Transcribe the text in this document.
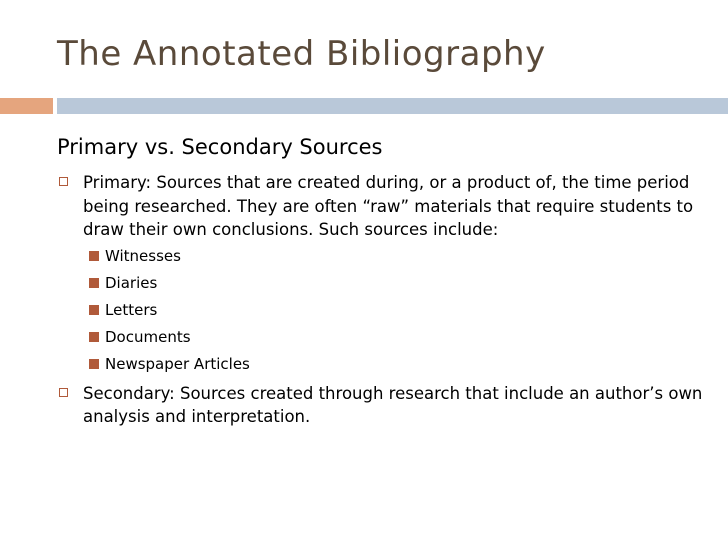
The Annotated Bibliography
Primary vs. Secondary Sources
Primary: Sources that are created during, or a product of, the time period being researched. They are often “raw” materials that require students to draw their own conclusions. Such sources include:
Witnesses
Diaries
Letters
Documents
Newspaper Articles
Secondary: Sources created through research that include an author’s own analysis and interpretation.
